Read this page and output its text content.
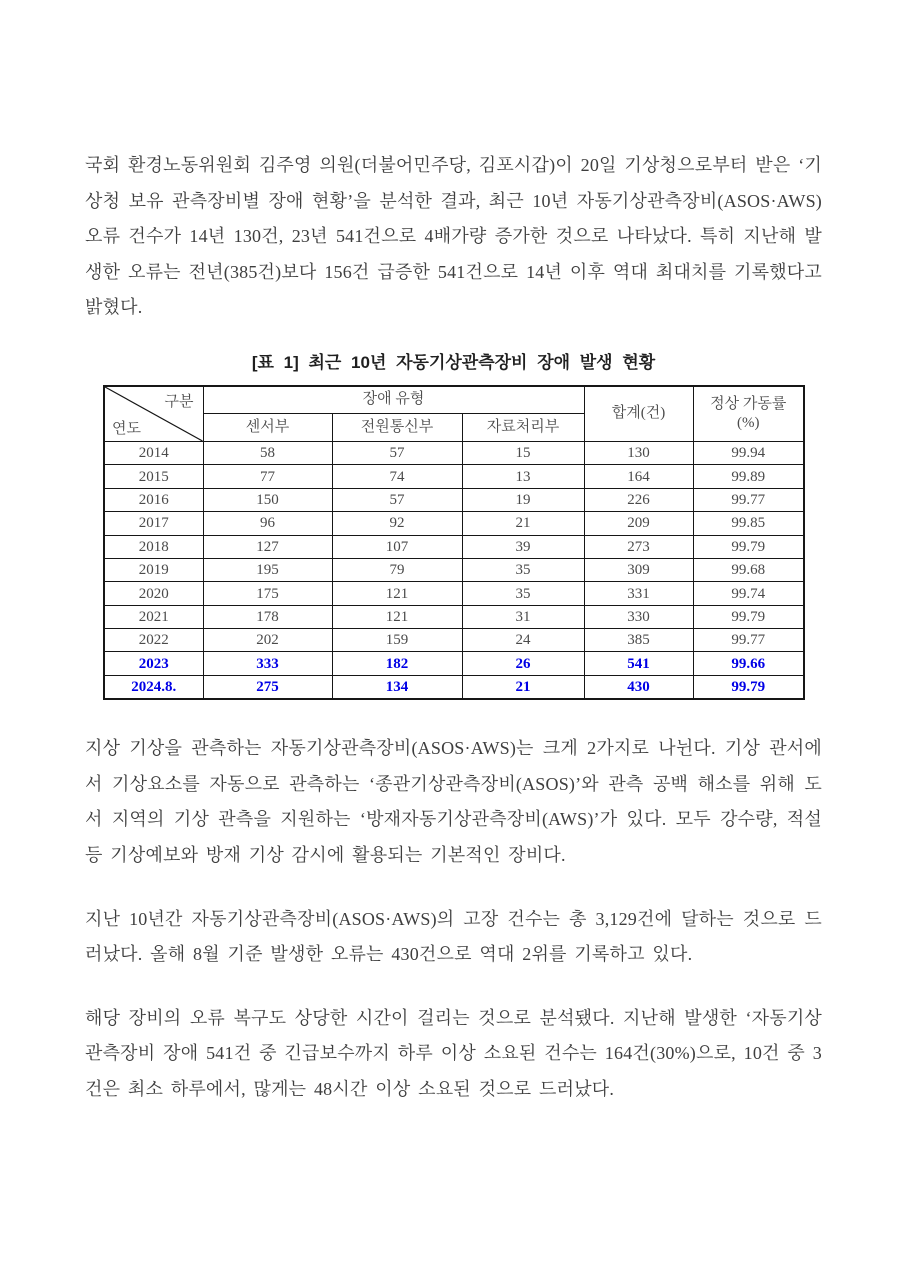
국회 환경노동위원회 김주영 의원(더불어민주당, 김포시갑)이 20일 기상청으로부터 받은 ‘기상청 보유 관측장비별 장애 현황’을 분석한 결과, 최근 10년 자동기상관측장비(ASOS·AWS) 오류 건수가 14년 130건, 23년 541건으로 4배가량 증가한 것으로 나타났다. 특히 지난해 발생한 오류는 전년(385건)보다 156건 급증한 541건으로 14년 이후 역대 최대치를 기록했다고 밝혔다.

[표 1] 최근 10년 자동기상관측장비 장애 발생 현황
구분
연도	장애 유형			합계(건)	정상 가동률
(%)
	센서부	전원통신부	자료처리부		
2014	58	57	15	130	99.94
2015	77	74	13	164	99.89
2016	150	57	19	226	99.77
2017	96	92	21	209	99.85
2018	127	107	39	273	99.79
2019	195	79	35	309	99.68
2020	175	121	35	331	99.74
2021	178	121	31	330	99.79
2022	202	159	24	385	99.77
2023	333	182	26	541	99.66
2024.8.	275	134	21	430	99.79

지상 기상을 관측하는 자동기상관측장비(ASOS·AWS)는 크게 2가지로 나뉜다. 기상 관서에서 기상요소를 자동으로 관측하는 ‘종관기상관측장비(ASOS)’와 관측 공백 해소를 위해 도서 지역의 기상 관측을 지원하는 ‘방재자동기상관측장비(AWS)’가 있다. 모두 강수량, 적설 등 기상예보와 방재 기상 감시에 활용되는 기본적인 장비다.

지난 10년간 자동기상관측장비(ASOS·AWS)의 고장 건수는 총 3,129건에 달하는 것으로 드러났다. 올해 8월 기준 발생한 오류는 430건으로 역대 2위를 기록하고 있다.

해당 장비의 오류 복구도 상당한 시간이 걸리는 것으로 분석됐다. 지난해 발생한 ‘자동기상관측장비 장애 541건 중 긴급보수까지 하루 이상 소요된 건수는 164건(30%)으로, 10건 중 3건은 최소 하루에서, 많게는 48시간 이상 소요된 것으로 드러났다.
